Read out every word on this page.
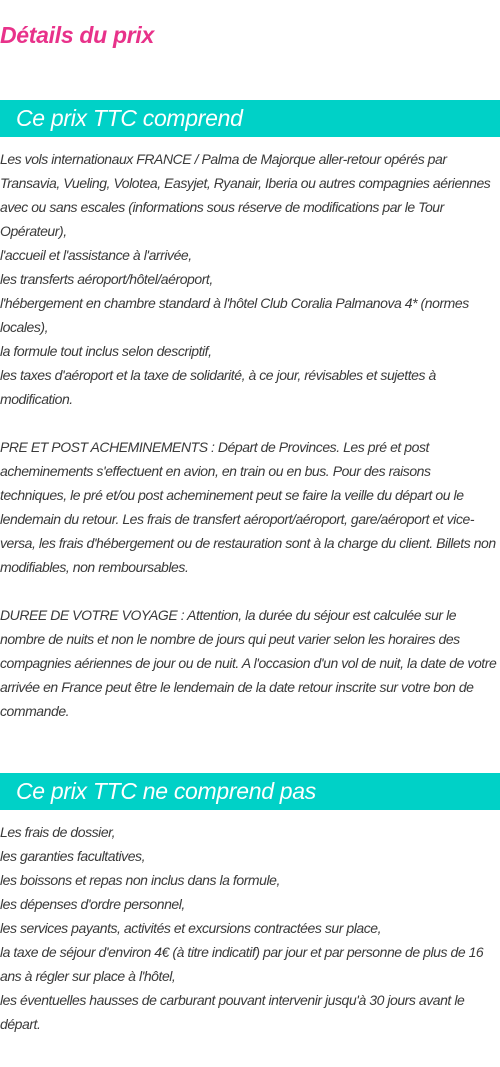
Détails du prix
Ce prix TTC comprend
Les vols internationaux FRANCE / Palma de Majorque aller-retour opérés par Transavia, Vueling, Volotea, Easyjet, Ryanair, Iberia ou autres compagnies aériennes avec ou sans escales (informations sous réserve de modifications par le Tour Opérateur),
l'accueil et l'assistance à l'arrivée,
les transferts aéroport/hôtel/aéroport,
l'hébergement en chambre standard à l'hôtel Club Coralia Palmanova 4* (normes locales),
la formule tout inclus selon descriptif,
les taxes d'aéroport et la taxe de solidarité, à ce jour, révisables et sujettes à modification.
PRE ET POST ACHEMINEMENTS : Départ de Provinces. Les pré et post acheminements s'effectuent en avion, en train ou en bus. Pour des raisons techniques, le pré et/ou post acheminement peut se faire la veille du départ ou le lendemain du retour. Les frais de transfert aéroport/aéroport, gare/aéroport et vice-versa, les frais d'hébergement ou de restauration sont à la charge du client. Billets non modifiables, non remboursables.
DUREE DE VOTRE VOYAGE : Attention, la durée du séjour est calculée sur le nombre de nuits et non le nombre de jours qui peut varier selon les horaires des compagnies aériennes de jour ou de nuit. A l'occasion d'un vol de nuit, la date de votre arrivée en France peut être le lendemain de la date retour inscrite sur votre bon de commande.
Ce prix TTC ne comprend pas
Les frais de dossier,
les garanties facultatives,
les boissons et repas non inclus dans la formule,
les dépenses d'ordre personnel,
les services payants, activités et excursions contractées sur place,
la taxe de séjour d'environ 4€ (à titre indicatif) par jour et par personne de plus de 16 ans à régler sur place à l'hôtel,
les éventuelles hausses de carburant pouvant intervenir jusqu'à 30 jours avant le départ.
